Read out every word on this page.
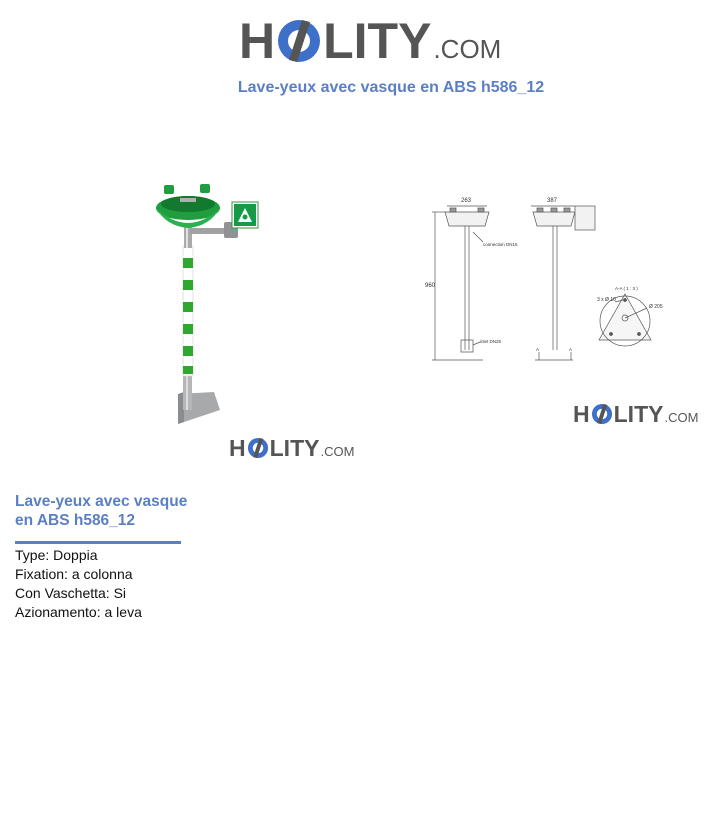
H LITY .COM
Lave-yeux avec vasque en ABS h586_12
H LITY .COM
263	387
960
connection DN15
inlet DN25
A-A ( 1 : 3 )
3 x Ø 10
Ø 205
A	A
H LITY .COM
Lave-yeux avec vasque en ABS h586_12
Type: Doppia
Fixation: a colonna
Con Vaschetta: Si
Azionamento: a leva
